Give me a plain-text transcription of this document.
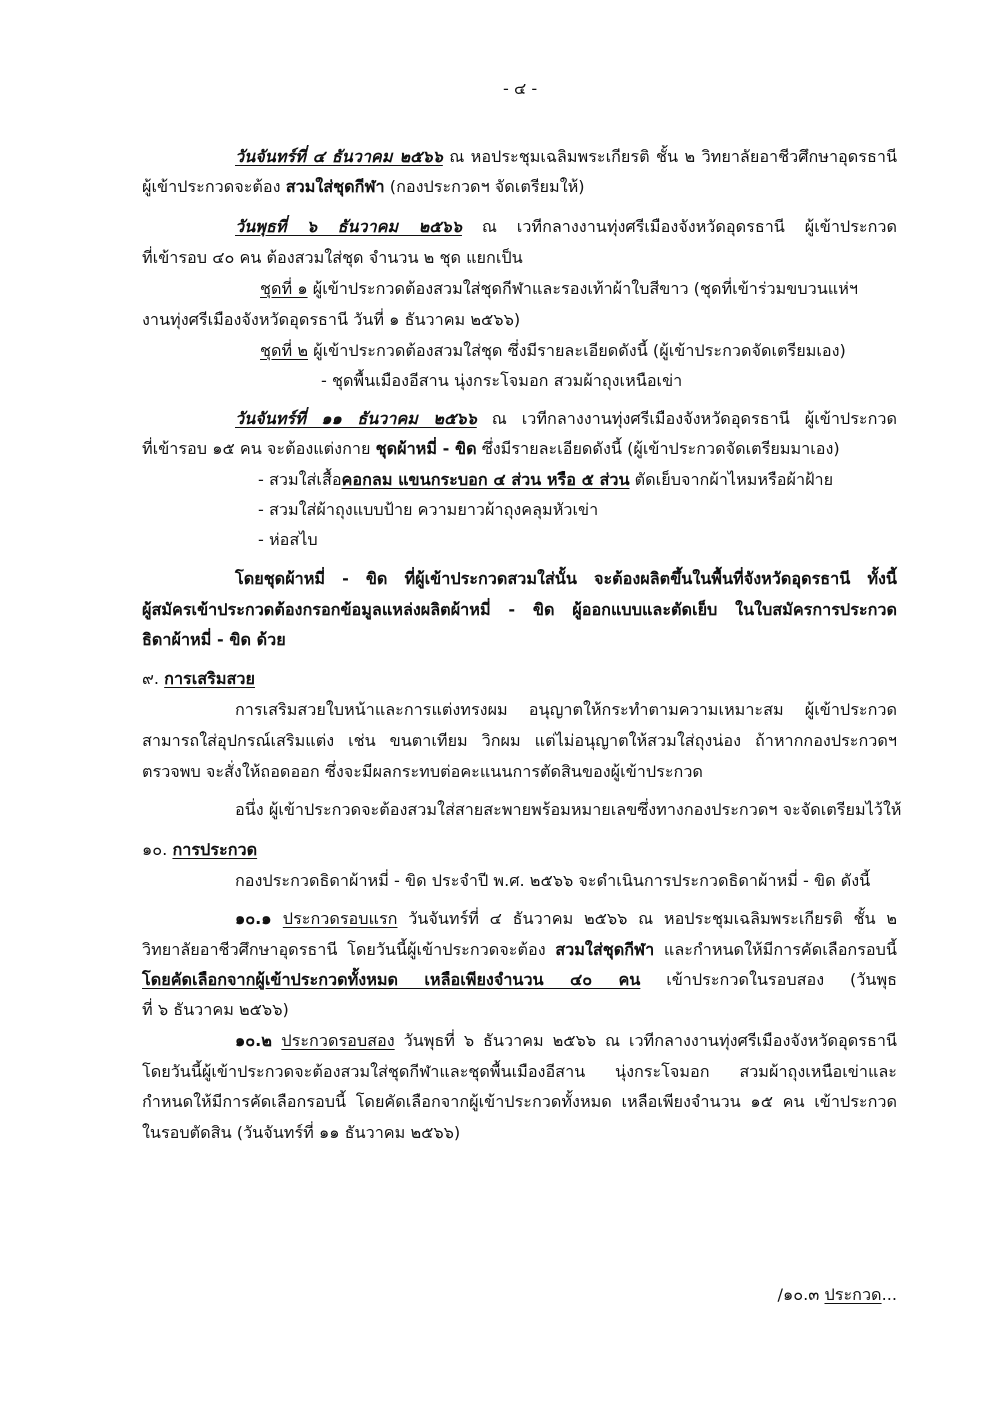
- ๔ -
วันจันทร์ที่ ๔ ธันวาคม ๒๕๖๖ ณ หอประชุมเฉลิมพระเกียรติ ชั้น ๒ วิทยาลัยอาชีวศึกษาอุดรธานี
ผู้เข้าประกวดจะต้อง สวมใส่ชุดกีฬา (กองประกวดฯ จัดเตรียมให้)
วันพุธที่ ๖ ธันวาคม ๒๕๖๖ ณ เวทีกลางงานทุ่งศรีเมืองจังหวัดอุดรธานี ผู้เข้าประกวด
ที่เข้ารอบ ๔๐ คน ต้องสวมใส่ชุด จำนวน ๒ ชุด แยกเป็น
ชุดที่ ๑ ผู้เข้าประกวดต้องสวมใส่ชุดกีฬาและรองเท้าผ้าใบสีขาว (ชุดที่เข้าร่วมขบวนแห่ฯ
งานทุ่งศรีเมืองจังหวัดอุดรธานี วันที่ ๑ ธันวาคม ๒๕๖๖)
ชุดที่ ๒ ผู้เข้าประกวดต้องสวมใส่ชุด ซึ่งมีรายละเอียดดังนี้ (ผู้เข้าประกวดจัดเตรียมเอง)
- ชุดพื้นเมืองอีสาน นุ่งกระโจมอก สวมผ้าถุงเหนือเข่า
วันจันทร์ที่ ๑๑ ธันวาคม ๒๕๖๖ ณ เวทีกลางงานทุ่งศรีเมืองจังหวัดอุดรธานี ผู้เข้าประกวด
ที่เข้ารอบ ๑๕ คน จะต้องแต่งกาย ชุดผ้าหมี่ - ขิด ซึ่งมีรายละเอียดดังนี้ (ผู้เข้าประกวดจัดเตรียมมาเอง)
- สวมใส่เสื้อคอกลม แขนกระบอก ๔ ส่วน หรือ ๕ ส่วน ตัดเย็บจากผ้าไหมหรือผ้าฝ้าย
- สวมใส่ผ้าถุงแบบป้าย ความยาวผ้าถุงคลุมหัวเข่า
- ห่อสไบ
โดยชุดผ้าหมี่ - ขิด ที่ผู้เข้าประกวดสวมใส่นั้น จะต้องผลิตขึ้นในพื้นที่จังหวัดอุดรธานี ทั้งนี้
ผู้สมัครเข้าประกวดต้องกรอกข้อมูลแหล่งผลิตผ้าหมี่ - ขิด ผู้ออกแบบและตัดเย็บ ในใบสมัครการประกวด
ธิดาผ้าหมี่ - ขิด ด้วย
๙. การเสริมสวย
การเสริมสวยใบหน้าและการแต่งทรงผม อนุญาตให้กระทำตามความเหมาะสม ผู้เข้าประกวด
สามารถใส่อุปกรณ์เสริมแต่ง เช่น ขนตาเทียม วิกผม แต่ไม่อนุญาตให้สวมใส่ถุงน่อง ถ้าหากกองประกวดฯ
ตรวจพบ จะสั่งให้ถอดออก ซึ่งจะมีผลกระทบต่อคะแนนการตัดสินของผู้เข้าประกวด
อนึ่ง ผู้เข้าประกวดจะต้องสวมใส่สายสะพายพร้อมหมายเลขซึ่งทางกองประกวดฯ จะจัดเตรียมไว้ให้
๑๐. การประกวด
กองประกวดธิดาผ้าหมี่ - ขิด ประจำปี พ.ศ. ๒๕๖๖ จะดำเนินการประกวดธิดาผ้าหมี่ - ขิด ดังนี้
๑๐.๑ ประกวดรอบแรก วันจันทร์ที่ ๔ ธันวาคม ๒๕๖๖ ณ หอประชุมเฉลิมพระเกียรติ ชั้น ๒
วิทยาลัยอาชีวศึกษาอุดรธานี โดยวันนี้ผู้เข้าประกวดจะต้อง สวมใส่ชุดกีฬา และกำหนดให้มีการคัดเลือกรอบนี้
โดยคัดเลือกจากผู้เข้าประกวดทั้งหมด เหลือเพียงจำนวน ๔๐ คน เข้าประกวดในรอบสอง (วันพุธ
ที่ ๖ ธันวาคม ๒๕๖๖)
๑๐.๒ ประกวดรอบสอง วันพุธที่ ๖ ธันวาคม ๒๕๖๖ ณ เวทีกลางงานทุ่งศรีเมืองจังหวัดอุดรธานี
โดยวันนี้ผู้เข้าประกวดจะต้องสวมใส่ชุดกีฬาและชุดพื้นเมืองอีสาน นุ่งกระโจมอก สวมผ้าถุงเหนือเข่าและ
กำหนดให้มีการคัดเลือกรอบนี้ โดยคัดเลือกจากผู้เข้าประกวดทั้งหมด เหลือเพียงจำนวน ๑๕ คน เข้าประกวด
ในรอบตัดสิน (วันจันทร์ที่ ๑๑ ธันวาคม ๒๕๖๖)
/๑๐.๓ ประกวด...
